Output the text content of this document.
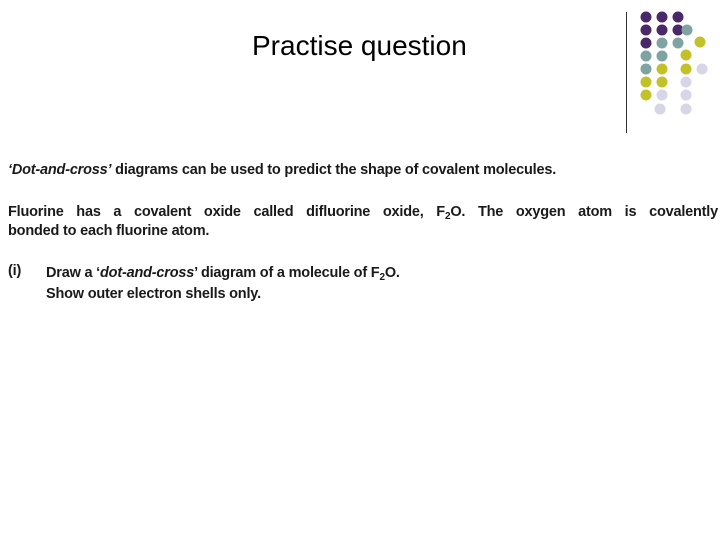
Practise question
‘Dot-and-cross’ diagrams can be used to predict the shape of covalent molecules.
Fluorine has a covalent oxide called difluorine oxide, $F_2O$. The oxygen atom is covalently
bonded to each fluorine atom.
(i) Draw a ‘dot-and-cross’ diagram of a molecule of $F_2O$.
Show outer electron shells only.
